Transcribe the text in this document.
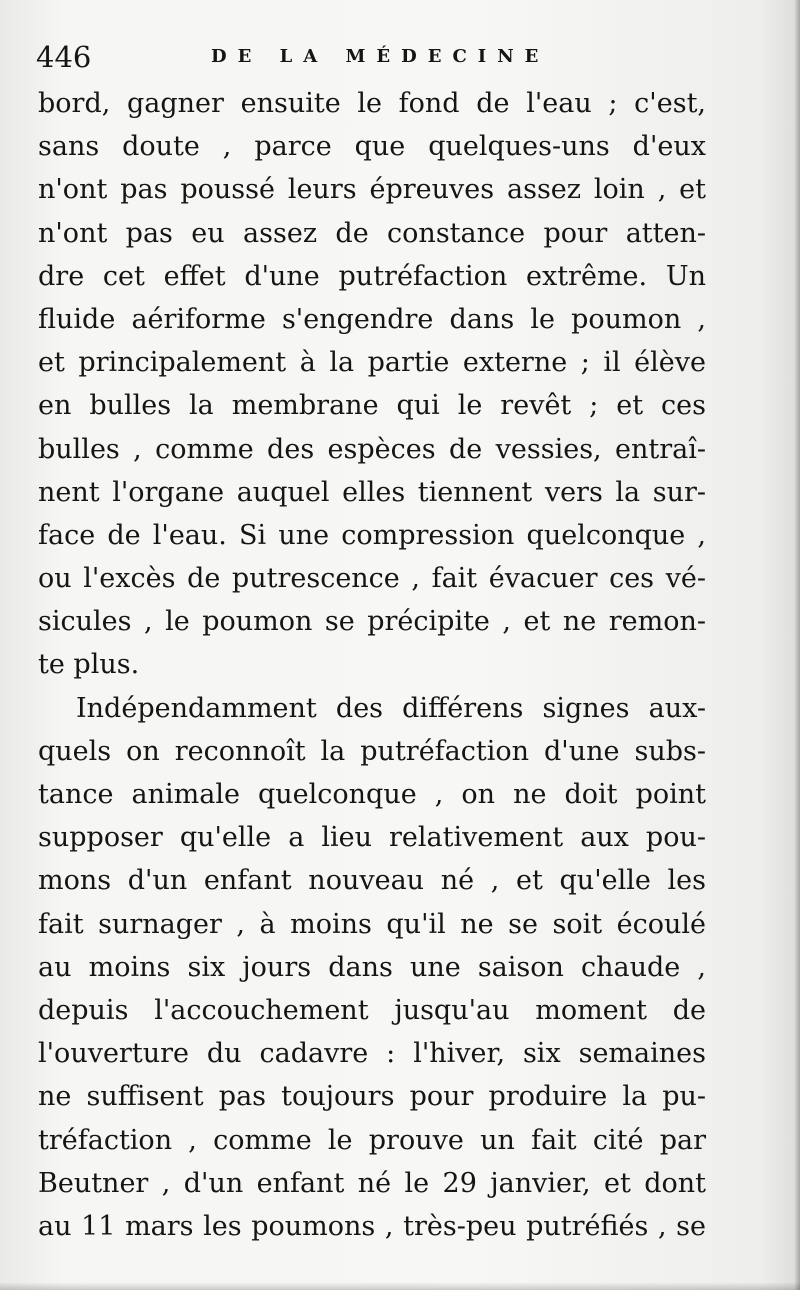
446	DE LA MÉDECINE
bord, gagner ensuite le fond de l'eau ; c'est,
sans doute , parce que quelques-uns d'eux
n'ont pas poussé leurs épreuves assez loin , et
n'ont pas eu assez de constance pour atten-
dre cet effet d'une putréfaction extrême. Un
fluide aériforme s'engendre dans le poumon ,
et principalement à la partie externe ; il élève
en bulles la membrane qui le revêt ; et ces
bulles , comme des espèces de vessies, entraî-
nent l'organe auquel elles tiennent vers la sur-
face de l'eau. Si une compression quelconque ,
ou l'excès de putrescence , fait évacuer ces vé-
sicules , le poumon se précipite , et ne remon-
te plus.
Indépendamment des différens signes aux-
quels on reconnoît la putréfaction d'une subs-
tance animale quelconque , on ne doit point
supposer qu'elle a lieu relativement aux pou-
mons d'un enfant nouveau né , et qu'elle les
fait surnager , à moins qu'il ne se soit écoulé
au moins six jours dans une saison chaude ,
depuis l'accouchement jusqu'au moment de
l'ouverture du cadavre : l'hiver, six semaines
ne suffisent pas toujours pour produire la pu-
tréfaction , comme le prouve un fait cité par
Beutner , d'un enfant né le 29 janvier, et dont
au 11 mars les poumons , très-peu putréfiés , se
